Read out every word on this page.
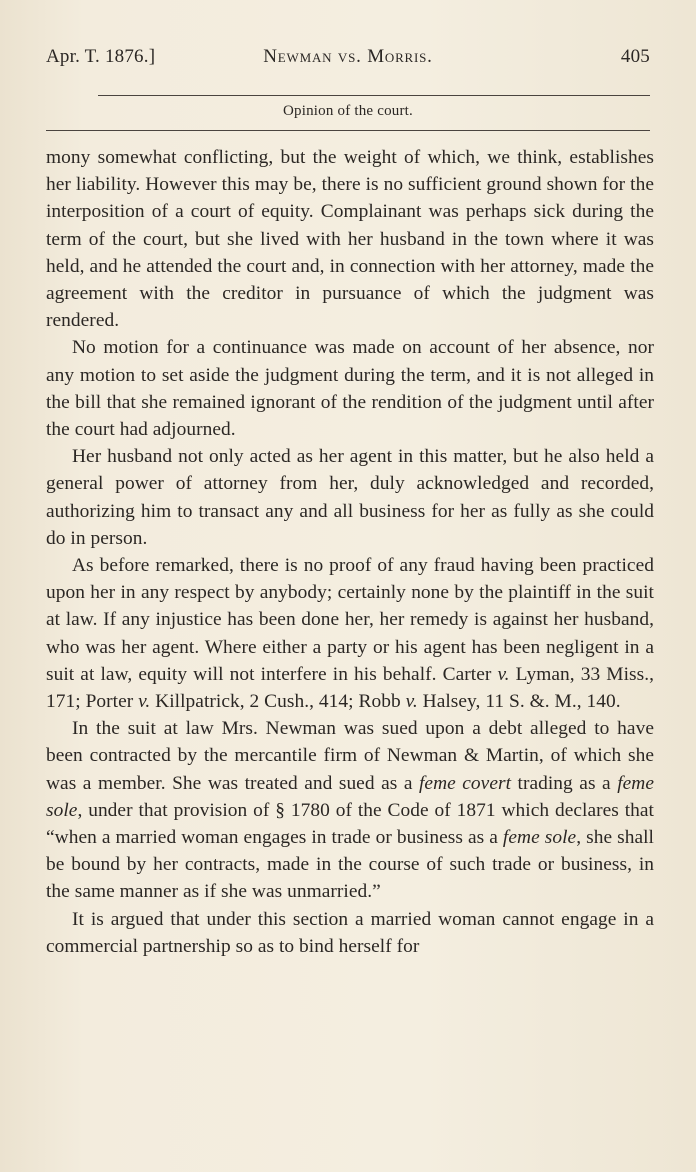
Apr. T. 1876.]	Newman vs. Morris.	405
Opinion of the court.

mony somewhat conflicting, but the weight of which, we think, establishes her liability. However this may be, there is no sufficient ground shown for the interposition of a court of equity. Complainant was perhaps sick during the term of the court, but she lived with her husband in the town where it was held, and he attended the court and, in connection with her attorney, made the agreement with the creditor in pursuance of which the judgment was rendered.

No motion for a continuance was made on account of her absence, nor any motion to set aside the judgment during the term, and it is not alleged in the bill that she remained ignorant of the rendition of the judgment until after the court had adjourned.

Her husband not only acted as her agent in this matter, but he also held a general power of attorney from her, duly acknowledged and recorded, authorizing him to transact any and all business for her as fully as she could do in person.

As before remarked, there is no proof of any fraud having been practiced upon her in any respect by anybody; certainly none by the plaintiff in the suit at law. If any injustice has been done her, her remedy is against her husband, who was her agent. Where either a party or his agent has been negligent in a suit at law, equity will not interfere in his behalf. Carter v. Lyman, 33 Miss., 171; Porter v. Killpatrick, 2 Cush., 414; Robb v. Halsey, 11 S. &. M., 140.

In the suit at law Mrs. Newman was sued upon a debt alleged to have been contracted by the mercantile firm of Newman & Martin, of which she was a member. She was treated and sued as a feme covert trading as a feme sole, under that provision of § 1780 of the Code of 1871 which declares that “when a married woman engages in trade or business as a feme sole, she shall be bound by her contracts, made in the course of such trade or business, in the same manner as if she was unmarried.”

It is argued that under this section a married woman cannot engage in a commercial partnership so as to bind herself for
